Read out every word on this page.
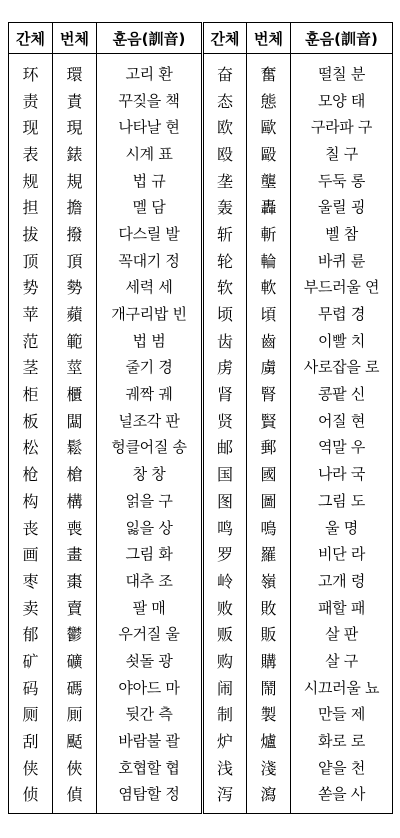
간체	번체	훈음(訓音)	간체	번체	훈음(訓音)
环	環	고리 환	奋	奮	떨칠 분
责	責	꾸짖을 책	态	態	모양 태
现	現	나타날 현	欧	歐	구라파 구
表	錶	시계 표	殴	毆	칠 구
规	規	법 규	垄	壟	두둑 롱
担	擔	멜 담	轰	轟	울릴 굉
拔	撥	다스릴 발	斩	斬	벨 참
顶	頂	꼭대기 정	轮	輪	바퀴 륜
势	勢	세력 세	软	軟	부드러울 연
苹	蘋	개구리밥 빈	顷	頃	무렵 경
范	範	법 범	齿	齒	이빨 치
茎	莖	줄기 경	虏	虜	사로잡을 로
柜	櫃	궤짝 궤	肾	腎	콩팥 신
板	闆	널조각 판	贤	賢	어질 현
松	鬆	헝클어질 송	邮	郵	역말 우
枪	槍	창 창	国	國	나라 국
构	構	얽을 구	图	圖	그림 도
丧	喪	잃을 상	鸣	鳴	울 명
画	畫	그림 화	罗	羅	비단 라
枣	棗	대추 조	岭	嶺	고개 령
卖	賣	팔 매	败	敗	패할 패
郁	鬱	우거질 울	贩	販	살 판
矿	礦	쇳돌 광	购	購	살 구
码	碼	야아드 마	闹	鬧	시끄러울 뇨
厕	厠	뒷간 측	制	製	만들 제
刮	颳	바람불 괄	炉	爐	화로 로
侠	俠	호협할 협	浅	淺	얕을 천
侦	偵	염탐할 정	泻	瀉	쏟을 사
